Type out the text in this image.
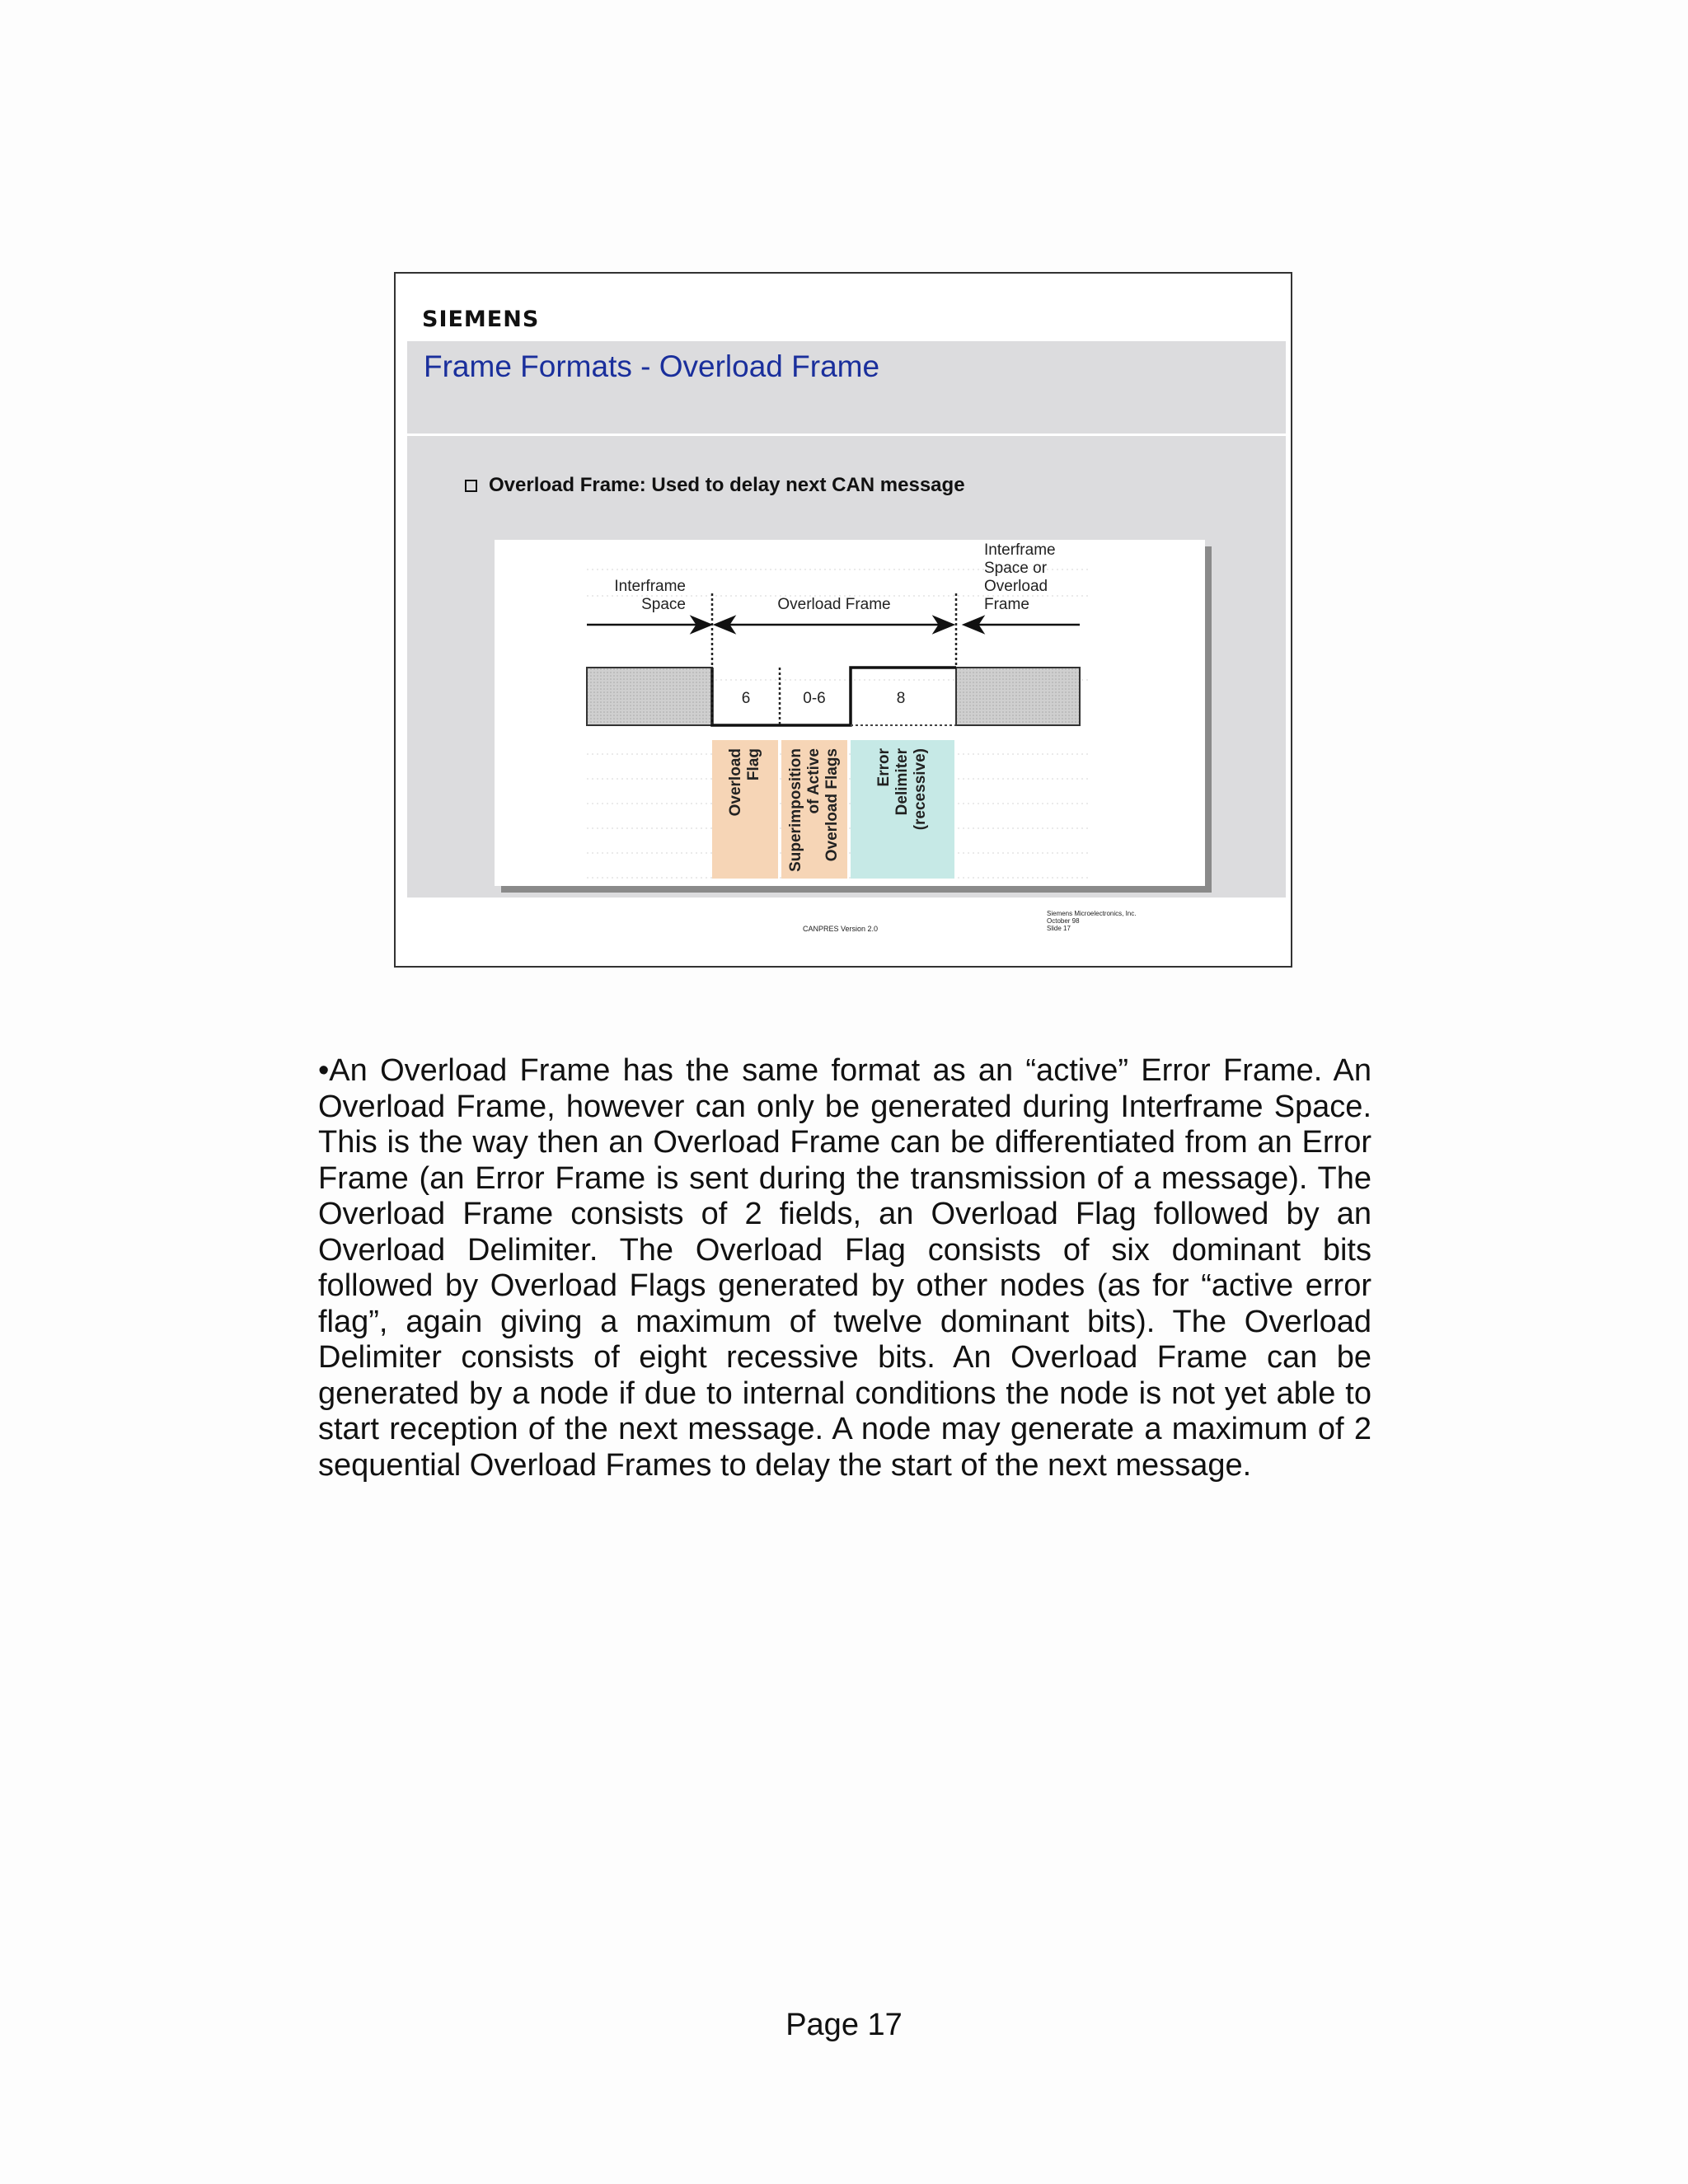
SIEMENS
Frame Formats - Overload Frame
Overload Frame: Used to delay next CAN message
Interframe
Space	Overload Frame
Interframe
Space or
Overload
Frame
6	0-6	8
Overload Flag Superimposition of Active Overload Flags Error Delimiter (recessive)
CANPRES Version 2.0
Siemens Microelectronics, Inc.
October 98
Slide 17
•An Overload Frame has the same format as an “active” Error Frame. An Overload Frame, however can only be generated during Interframe Space. This is the way then an Overload Frame can be differentiated from an Error Frame (an Error Frame is sent during the transmission of a message). The Overload Frame consists of 2 fields, an Overload Flag followed by an Overload Delimiter. The Overload Flag consists of six dominant bits followed by Overload Flags generated by other nodes (as for “active error flag”, again giving a maximum of twelve dominant bits). The Overload Delimiter consists of eight recessive bits. An Overload Frame can be generated by a node if due to internal conditions the node is not yet able to start reception of the next message. A node may generate a maximum of 2 sequential Overload Frames to delay the start of the next message.
Page 17
